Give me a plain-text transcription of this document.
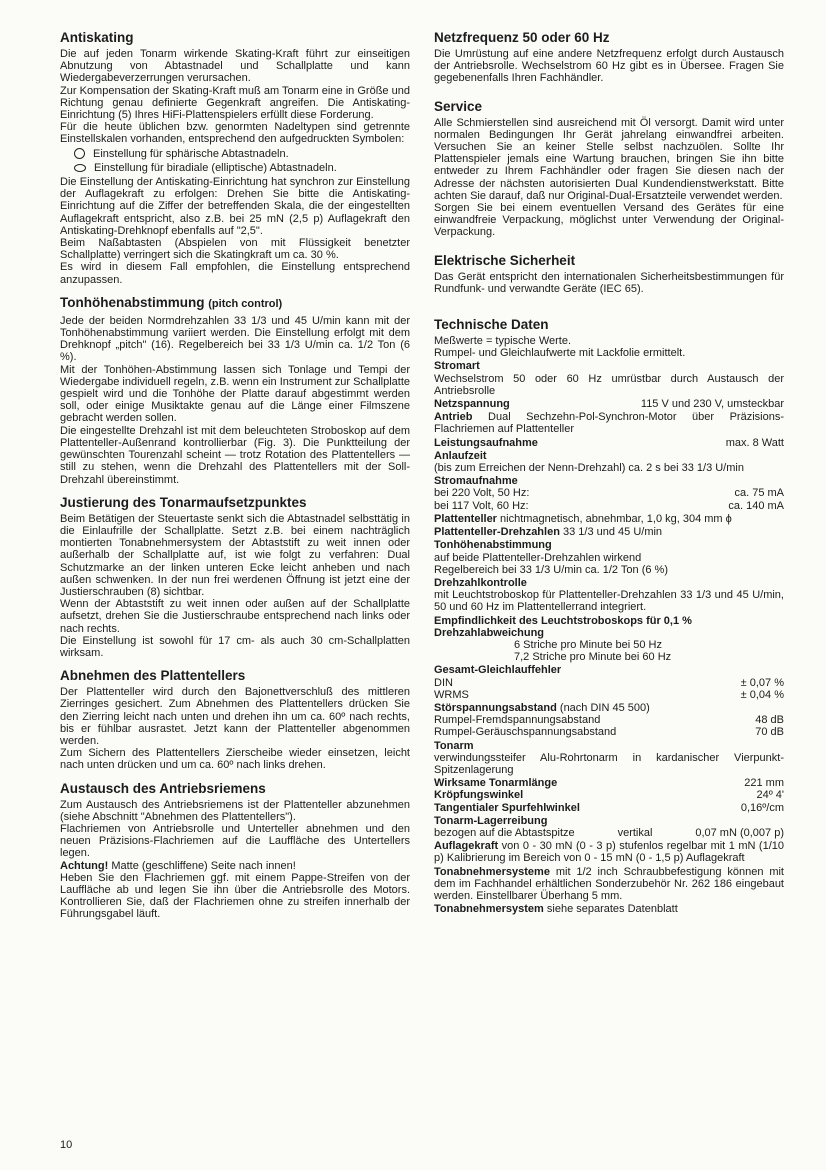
Antiskating

Die auf jeden Tonarm wirkende Skating-Kraft führt zur einseitigen Abnutzung von Abtastnadel und Schallplatte und kann Wiedergabeverzerrungen verursachen.

Zur Kompensation der Skating-Kraft muß am Tonarm eine in Größe und Richtung genau definierte Gegenkraft angreifen. Die Antiskating-Einrichtung (5) Ihres HiFi-Plattenspielers erfüllt diese Forderung.

Für die heute üblichen bzw. genormten Nadeltypen sind getrennte Einstellskalen vorhanden, entsprechend den aufgedruckten Symbolen:

Einstellung für sphärische Abtastnadeln.
Einstellung für biradiale (elliptische) Abtastnadeln.

Die Einstellung der Antiskating-Einrichtung hat synchron zur Einstellung der Auflagekraft zu erfolgen: Drehen Sie bitte die Antiskating-Einrichtung auf die Ziffer der betreffenden Skala, die der eingestellten Auflagekraft entspricht, also z.B. bei 25 mN (2,5 p) Auflagekraft den Antiskating-Drehknopf ebenfalls auf "2,5".

Beim Naßabtasten (Abspielen von mit Flüssigkeit benetzter Schallplatte) verringert sich die Skatingkraft um ca. 30 %.

Es wird in diesem Fall empfohlen, die Einstellung entsprechend anzupassen.

Tonhöhenabstimmung (pitch control)

Jede der beiden Normdrehzahlen 33 1/3 und 45 U/min kann mit der Tonhöhenabstimmung variiert werden. Die Einstellung erfolgt mit dem Drehknopf „pitch" (16). Regelbereich bei 33 1/3 U/min ca. 1/2 Ton (6 %).

Mit der Tonhöhen-Abstimmung lassen sich Tonlage und Tempi der Wiedergabe individuell regeln, z.B. wenn ein Instrument zur Schallplatte gespielt wird und die Tonhöhe der Platte darauf abgestimmt werden soll, oder einige Musiktakte genau auf die Länge einer Filmszene gebracht werden sollen.

Die eingestellte Drehzahl ist mit dem beleuchteten Stroboskop auf dem Plattenteller-Außenrand kontrollierbar (Fig. 3). Die Punktteilung der gewünschten Tourenzahl scheint — trotz Rotation des Plattentellers — still zu stehen, wenn die Drehzahl des Plattentellers mit der Soll-Drehzahl übereinstimmt.

Justierung des Tonarmaufsetzpunktes

Beim Betätigen der Steuertaste senkt sich die Abtastnadel selbsttätig in die Einlaufrille der Schallplatte. Setzt z.B. bei einem nachträglich montierten Tonabnehmersystem der Abtaststift zu weit innen oder außerhalb der Schallplatte auf, ist wie folgt zu verfahren: Dual Schutzmarke an der linken unteren Ecke leicht anheben und nach außen schwenken. In der nun frei werdenen Öffnung ist jetzt eine der Justierschrauben (8) sichtbar.

Wenn der Abtaststift zu weit innen oder außen auf der Schallplatte aufsetzt, drehen Sie die Justierschraube entsprechend nach links oder nach rechts.

Die Einstellung ist sowohl für 17 cm- als auch 30 cm-Schallplatten wirksam.

Abnehmen des Plattentellers

Der Plattenteller wird durch den Bajonettverschluß des mittleren Zierringes gesichert. Zum Abnehmen des Plattentellers drücken Sie den Zierring leicht nach unten und drehen ihn um ca. 60º nach rechts, bis er fühlbar ausrastet. Jetzt kann der Plattenteller abgenommen werden.

Zum Sichern des Plattentellers Zierscheibe wieder einsetzen, leicht nach unten drücken und um ca. 60º nach links drehen.

Austausch des Antriebsriemens

Zum Austausch des Antriebsriemens ist der Plattenteller abzunehmen (siehe Abschnitt "Abnehmen des Plattentellers").

Flachriemen von Antriebsrolle und Unterteller abnehmen und den neuen Präzisions-Flachriemen auf die Lauffläche des Untertellers legen.

Achtung! Matte (geschliffene) Seite nach innen!

Heben Sie den Flachriemen ggf. mit einem Pappe-Streifen von der Lauffläche ab und legen Sie ihn über die Antriebsrolle des Motors. Kontrollieren Sie, daß der Flachriemen ohne zu streifen innerhalb der Führungsgabel läuft.

10
Netzfrequenz 50 oder 60 Hz

Die Umrüstung auf eine andere Netzfrequenz erfolgt durch Austausch der Antriebsrolle. Wechselstrom 60 Hz gibt es in Übersee. Fragen Sie gegebenenfalls Ihren Fachhändler.

Service

Alle Schmierstellen sind ausreichend mit Öl versorgt. Damit wird unter normalen Bedingungen Ihr Gerät jahrelang einwandfrei arbeiten. Versuchen Sie an keiner Stelle selbst nachzuölen. Sollte Ihr Plattenspieler jemals eine Wartung brauchen, bringen Sie ihn bitte entweder zu Ihrem Fachhändler oder fragen Sie diesen nach der Adresse der nächsten autorisierten Dual Kundendienstwerkstatt. Bitte achten Sie darauf, daß nur Original-Dual-Ersatzteile verwendet werden.

Sorgen Sie bei einem eventuellen Versand des Gerätes für eine einwandfreie Verpackung, möglichst unter Verwendung der Original-Verpackung.

Elektrische Sicherheit

Das Gerät entspricht den internationalen Sicherheitsbestimmungen für Rundfunk- und verwandte Geräte (IEC 65).

Technische Daten

Meßwerte = typische Werte.

Rumpel- und Gleichlaufwerte mit Lackfolie ermittelt.

Stromart

Wechselstrom 50 oder 60 Hz umrüstbar durch Austausch der Antriebsrolle

Netzspannung	115 V und 230 V, umsteckbar

Antrieb Dual Sechzehn-Pol-Synchron-Motor über Präzisions-Flachriemen auf Plattenteller

Leistungsaufnahme	max. 8 Watt
Anlaufzeit

(bis zum Erreichen der Nenn-Drehzahl) ca. 2 s bei 33 1/3 U/min

Stromaufnahme
bei 220 Volt, 50 Hz:	ca. 75 mA
bei 117 Volt, 60 Hz:	ca. 140 mA

Plattenteller nichtmagnetisch, abnehmbar, 1,0 kg, 304 mm ϕ

Plattenteller-Drehzahlen 33 1/3 und 45 U/min

Tonhöhenabstimmung

auf beide Plattenteller-Drehzahlen wirkend

Regelbereich bei 33 1/3 U/min ca. 1/2 Ton (6 %)

Drehzahlkontrolle

mit Leuchtstroboskop für Plattenteller-Drehzahlen 33 1/3 und 45 U/min, 50 und 60 Hz im Plattentellerrand integriert.

Empfindlichkeit des Leuchtstroboskops für 0,1 % Drehzahlabweichung

6 Striche pro Minute bei 50 Hz

7,2 Striche pro Minute bei 60 Hz

Gesamt-Gleichlauffehler
DIN	± 0,07 %
WRMS	± 0,04 %
Störspannungsabstand (nach DIN 45 500)
Rumpel-Fremdspannungsabstand	48 dB
Rumpel-Geräuschspannungsabstand	70 dB
Tonarm

verwindungssteifer Alu-Rohrtonarm in kardanischer Vierpunkt-Spitzenlagerung

Wirksame Tonarmlänge	221 mm
Kröpfungswinkel	24º 4'
Tangentialer Spurfehlwinkel	0,16º/cm
Tonarm-Lagerreibung
bezogen auf die Abtastspitze	vertikal	0,07 mN (0,007 p)

Auflagekraft von 0 - 30 mN (0 - 3 p) stufenlos regelbar mit 1 mN (1/10 p) Kalibrierung im Bereich von 0 - 15 mN (0 - 1,5 p) Auflagekraft

Tonabnehmersysteme mit 1/2 inch Schraubbefestigung können mit dem im Fachhandel erhältlichen Sonderzubehör Nr. 262 186 eingebaut werden. Einstellbarer Überhang 5 mm.

Tonabnehmersystem siehe separates Datenblatt
